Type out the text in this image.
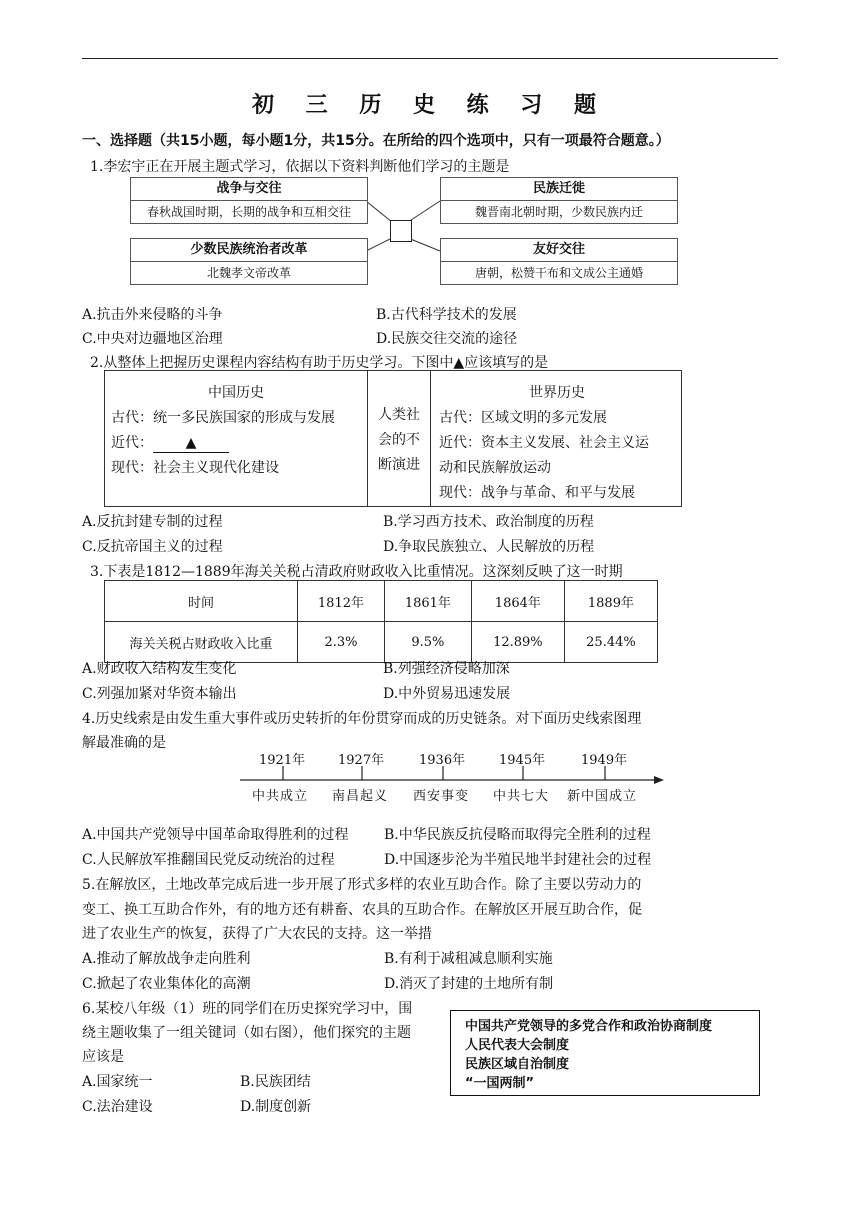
初 三 历 史 练 习 题
一、选择题（共15小题，每小题1分，共15分。在所给的四个选项中，只有一项最符合题意。）
1.李宏宇正在开展主题式学习，依据以下资料判断他们学习的主题是
战争与交往
春秋战国时期，长期的战争和互相交往
民族迁徙
魏晋南北朝时期，少数民族内迁
少数民族统治者改革
北魏孝文帝改革
友好交往
唐朝，松赞干布和文成公主通婚
A.抗击外来侵略的斗争	B.古代科学技术的发展
C.中央对边疆地区治理	D.民族交往交流的途径
2.从整体上把握历史课程内容结构有助于历史学习。下图中▲应该填写的是
中国历史
古代：统一多民族国家的形成与发展
近代： ▲
现代：社会主义现代化建设

人类社
会的不
断演进

世界历史
古代：区域文明的多元发展
近代：资本主义发展、社会主义运
动和民族解放运动
现代：战争与革命、和平与发展
A.反抗封建专制的过程	B.学习西方技术、政治制度的历程
C.反抗帝国主义的过程	D.争取民族独立、人民解放的历程
3.下表是1812—1889年海关关税占清政府财政收入比重情况。这深刻反映了这一时期
时间	1812年	1861年	1864年	1889年
海关关税占财政收入比重	2.3%	9.5%	12.89%	25.44%
A.财政收入结构发生变化	B.列强经济侵略加深
C.列强加紧对华资本输出	D.中外贸易迅速发展
4.历史线索是由发生重大事件或历史转折的年份贯穿而成的历史链条。对下面历史线索图理
解最准确的是
1921年	1927年	1936年	1945年	1949年
中共成立 南昌起义 西安事变 中共七大 新中国成立
A.中国共产党领导中国革命取得胜利的过程	B.中华民族反抗侵略而取得完全胜利的过程
C.人民解放军推翻国民党反动统治的过程	D.中国逐步沦为半殖民地半封建社会的过程
5.在解放区，土地改革完成后进一步开展了形式多样的农业互助合作。除了主要以劳动力的
变工、换工互助合作外，有的地方还有耕畜、农具的互助合作。在解放区开展互助合作，促
进了农业生产的恢复，获得了广大农民的支持。这一举措
A.推动了解放战争走向胜利	B.有利于减租减息顺利实施
C.掀起了农业集体化的高潮	D.消灭了封建的土地所有制
6.某校八年级（1）班的同学们在历史探究学习中，围
绕主题收集了一组关键词（如右图），他们探究的主题
应该是
中国共产党领导的多党合作和政治协商制度
人民代表大会制度
民族区域自治制度
“一国两制”
A.国家统一	B.民族团结
C.法治建设	D.制度创新
